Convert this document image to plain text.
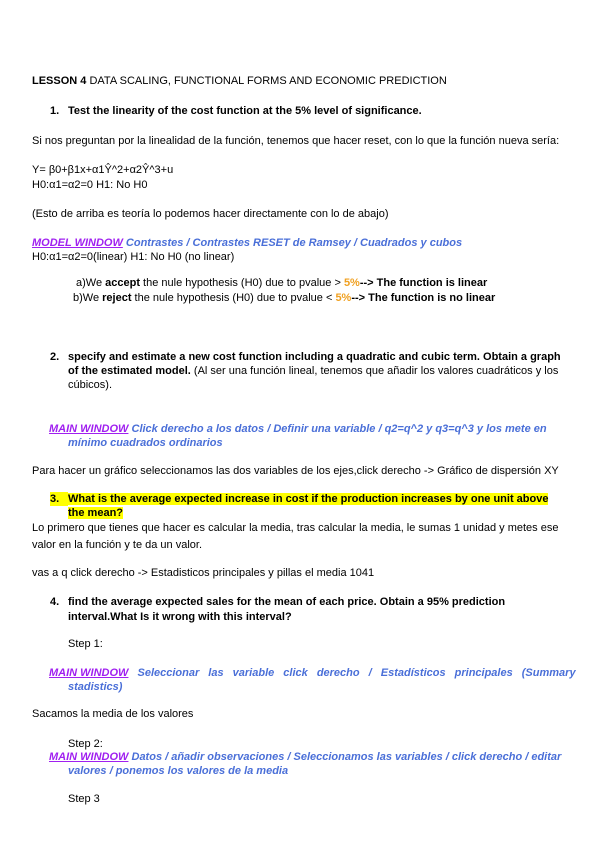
LESSON 4 DATA SCALING, FUNCTIONAL FORMS AND ECONOMIC PREDICTION
1. Test the linearity of the cost function at the 5% level of significance.
Si nos preguntan por la linealidad de la función, tenemos que hacer reset, con lo que la función nueva sería:
Y= β0+β1x+α1Ŷ^2+α2Ŷ^3+u
H0:α1=α2=0 H1: No H0
(Esto de arriba es teoría lo podemos hacer directamente con lo de abajo)
MODEL WINDOW Contrastes / Contrastes RESET de Ramsey / Cuadrados y cubos
H0:α1=α2=0(linear) H1: No H0 (no linear)
a)We accept the nule hypothesis (H0) due to pvalue > 5%--> The function is linear
b)We reject the nule hypothesis (H0) due to pvalue < 5%--> The function is no linear
2. specify and estimate a new cost function including a quadratic and cubic term. Obtain a graph
of the estimated model. (Al ser una función lineal, tenemos que añadir los valores cuadráticos y los
cúbicos).
MAIN WINDOW Click derecho a los datos / Definir una variable / q2=q^2 y q3=q^3 y los mete en
mínimo cuadrados ordinarios
Para hacer un gráfico seleccionamos las dos variables de los ejes,click derecho -> Gráfico de dispersión XY
3. What is the average expected increase in cost if the production increases by one unit above
the mean?
Lo primero que tienes que hacer es calcular la media, tras calcular la media, le sumas 1 unidad y metes ese
valor en la función y te da un valor.
vas a q click derecho -> Estadisticos principales y pillas el media 1041
4. find the average expected sales for the mean of each price. Obtain a 95% prediction
interval.What Is it wrong with this interval?
Step 1:
MAIN WINDOW Seleccionar las variable click derecho / Estadísticos principales (Summary
stadistics)
Sacamos la media de los valores
Step 2:
MAIN WINDOW Datos / añadir observaciones / Seleccionamos las variables / click derecho / editar
valores / ponemos los valores de la media
Step 3
